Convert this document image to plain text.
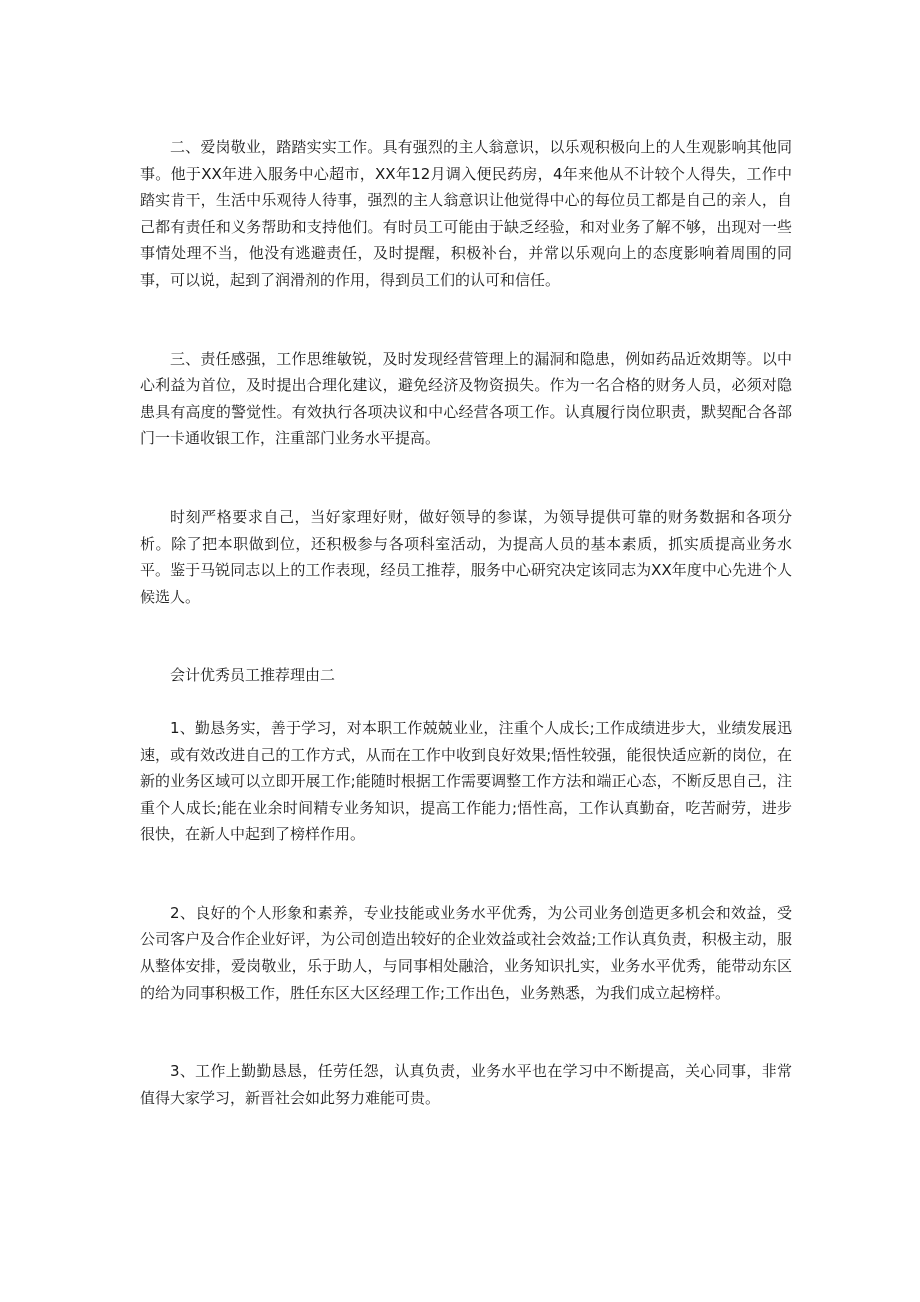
二、爱岗敬业，踏踏实实工作。具有强烈的主人翁意识，以乐观积极向上的人生观影响其他同事。他于XX年进入服务中心超市，XX年12月调入便民药房，4年来他从不计较个人得失，工作中踏实肯干，生活中乐观待人待事，强烈的主人翁意识让他觉得中心的每位员工都是自己的亲人，自己都有责任和义务帮助和支持他们。有时员工可能由于缺乏经验，和对业务了解不够，出现对一些事情处理不当，他没有逃避责任，及时提醒，积极补台，并常以乐观向上的态度影响着周围的同事，可以说，起到了润滑剂的作用，得到员工们的认可和信任。

三、责任感强，工作思维敏锐，及时发现经营管理上的漏洞和隐患，例如药品近效期等。以中心利益为首位，及时提出合理化建议，避免经济及物资损失。作为一名合格的财务人员，必须对隐患具有高度的警觉性。有效执行各项决议和中心经营各项工作。认真履行岗位职责，默契配合各部门一卡通收银工作，注重部门业务水平提高。

时刻严格要求自己，当好家理好财，做好领导的参谋，为领导提供可靠的财务数据和各项分析。除了把本职做到位，还积极参与各项科室活动，为提高人员的基本素质，抓实质提高业务水平。鉴于马锐同志以上的工作表现，经员工推荐，服务中心研究决定该同志为XX年度中心先进个人候选人。

会计优秀员工推荐理由二

1、勤恳务实，善于学习，对本职工作兢兢业业，注重个人成长;工作成绩进步大，业绩发展迅速，或有效改进自己的工作方式，从而在工作中收到良好效果;悟性较强，能很快适应新的岗位，在新的业务区域可以立即开展工作;能随时根据工作需要调整工作方法和端正心态，不断反思自己，注重个人成长;能在业余时间精专业务知识，提高工作能力;悟性高，工作认真勤奋，吃苦耐劳，进步很快，在新人中起到了榜样作用。

2、良好的个人形象和素养，专业技能或业务水平优秀，为公司业务创造更多机会和效益，受公司客户及合作企业好评，为公司创造出较好的企业效益或社会效益;工作认真负责，积极主动，服从整体安排，爱岗敬业，乐于助人，与同事相处融洽，业务知识扎实，业务水平优秀，能带动东区的给为同事积极工作，胜任东区大区经理工作;工作出色，业务熟悉，为我们成立起榜样。

3、工作上勤勤恳恳，任劳任怨，认真负责，业务水平也在学习中不断提高，关心同事，非常值得大家学习，新晋社会如此努力难能可贵。
